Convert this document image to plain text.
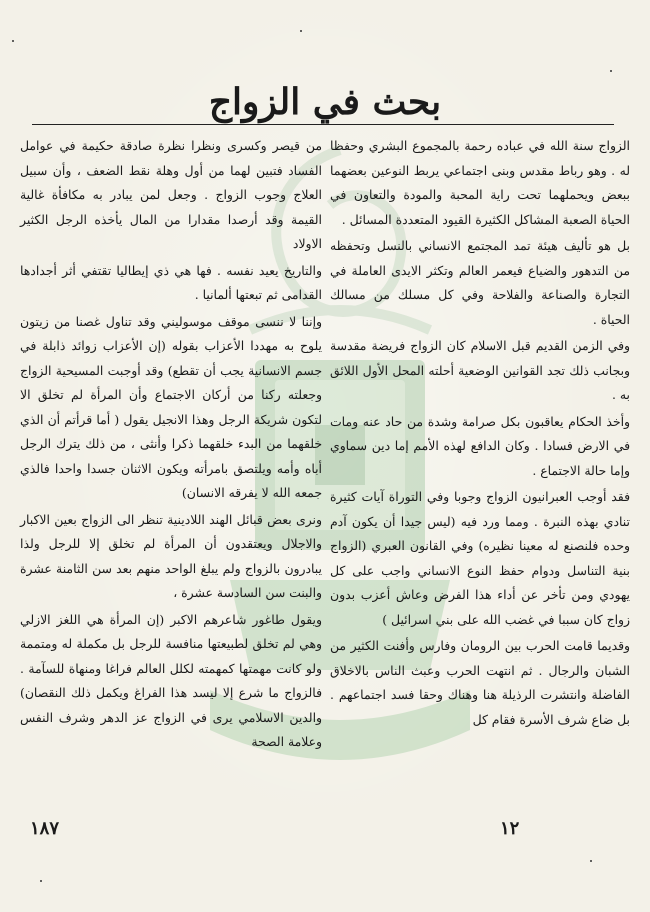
بحث في الزواج

الزواج سنة الله في عباده رحمة بالمجموع البشري وحفظا له . وهو رباط مقدس وبنى اجتماعي يربط النوعين بعضهما ببعض ويحملهما تحت راية المحبة والمودة والتعاون في الحياة الصعبة المشاكل الكثيرة القيود المتعددة المسائل .

بل هو تأليف هيئة تمد المجتمع الانساني بالنسل وتحفظه من التدهور والضياع فيعمر العالم وتكثر الايدى العاملة في التجارة والصناعة والفلاحة وفي كل مسلك من مسالك الحياة .

وفي الزمن القديم قبل الاسلام كان الزواج فريضة مقدسة وبجانب ذلك تجد القوانين الوضعية أحلته المحل الأول اللائق به .

وأخذ الحكام يعاقبون بكل صرامة وشدة من حاد عنه ومات في الارض فسادا . وكان الدافع لهذه الأمم إما دين سماوي وإما حالة الاجتماع .

فقد أوجب العبرانيون الزواج وجوبا وفي التوراة آيات كثيرة تنادي بهذه النبرة . ومما ورد فيه (ليس جيدا أن يكون آدم وحده فلنصنع له معينا نظيره) وفي القانون العبري (الزواج بنية التناسل ودوام حفظ النوع الانساني واجب على كل يهودي ومن تأخر عن أداء هذا الفرض وعاش أعزب بدون زواج كان سببا في غضب الله على بني اسرائيل )

وقديما قامت الحرب بين الرومان وفارس وأفنت الكثير من الشبان والرجال . ثم انتهت الحرب وعبث الناس بالاخلاق الفاضلة وانتشرت الرذيلة هنا وهناك وحقا فسد اجتماعهم . بل ضاع شرف الأسرة فقام كل

من قيصر وكسرى ونظرا نظرة صادقة حكيمة في عوامل الفساد فتبين لهما من أول وهلة نقط الضعف ، وأن سبيل العلاج وجوب الزواج . وجعل لمن يبادر به مكافأة غالية القيمة وقد أرصدا مقدارا من المال يأخذه الرجل الكثير الاولاد

والتاريخ يعيد نفسه . فها هي ذي إيطاليا تقتفي أثر أجدادها القدامى ثم تبعتها ألمانيا .

وإننا لا ننسى موقف موسوليني وقد تناول غصنا من زيتون يلوح به مهددا الأعزاب بقوله (إن الأعزاب زوائد ذابلة في جسم الانسانية يجب أن تقطع) وقد أوجبت المسيحية الزواج وجعلته ركنا من أركان الاجتماع وأن المرأة لم تخلق الا لتكون شريكة الرجل وهذا الانجيل يقول ( أما قرأتم أن الذي خلقهما من البدء خلقهما ذكرا وأنثى ، من ذلك يترك الرجل أباه وأمه ويلتصق بامرأته ويكون الاثنان جسدا واحدا فالذي جمعه الله لا يفرقه الانسان)

ونرى بعض قبائل الهند اللادينية تنظر الى الزواج بعين الاكبار والاجلال ويعتقدون أن المرأة لم تخلق إلا للرجل ولذا يبادرون بالزواج ولم يبلغ الواحد منهم بعد سن الثامنة عشرة والبنت سن السادسة عشرة ،

ويقول طاغور شاعرهم الاكبر (إن المرأة هي اللغز الازلي وهي لم تخلق لطبيعتها منافسة للرجل بل مكملة له ومتممة ولو كانت مهمتها كمهمته لكلل العالم فراغا ومنهاة للسآمة . فالزواج ما شرع إلا ليسد هذا الفراغ ويكمل ذلك النقصان) والدين الاسلامي يرى في الزواج عز الدهر وشرف النفس وعلامة الصحة

١٨٧	١٢
